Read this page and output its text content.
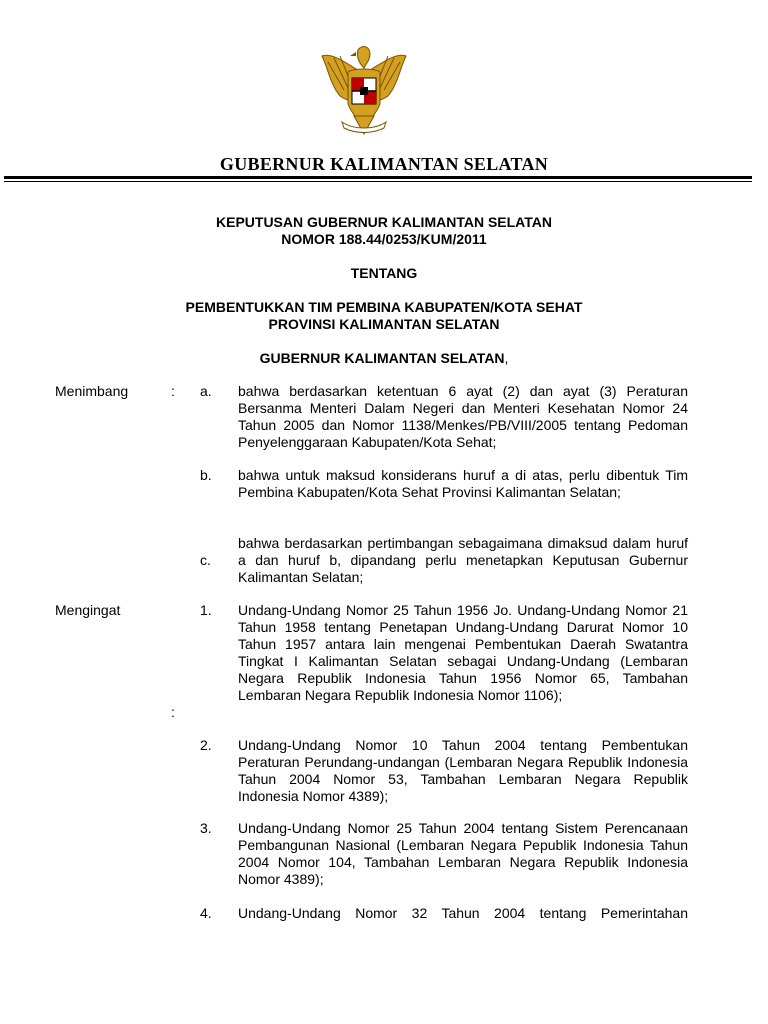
GUBERNUR KALIMANTAN SELATAN
KEPUTUSAN GUBERNUR KALIMANTAN SELATAN
NOMOR 188.44/0253/KUM/2011
TENTANG
PEMBENTUKKAN TIM PEMBINA KABUPATEN/KOTA SEHAT
PROVINSI KALIMANTAN SELATAN
GUBERNUR KALIMANTAN SELATAN,
Menimbang	: a. bahwa berdasarkan ketentuan 6 ayat (2) dan ayat (3) Peraturan Bersanma Menteri Dalam Negeri dan Menteri Kesehatan Nomor 24 Tahun 2005 dan Nomor 1138/Menkes/PB/VIII/2005 tentang Pedoman Penyelenggaraan Kabupaten/Kota Sehat;
b. bahwa untuk maksud konsiderans huruf a di atas, perlu dibentuk Tim Pembina Kabupaten/Kota Sehat Provinsi Kalimantan Selatan;
c.
bahwa berdasarkan pertimbangan sebagaimana dimaksud dalam huruf a dan huruf b, dipandang perlu menetapkan Keputusan Gubernur Kalimantan Selatan;
Mengingat
:
1. Undang-Undang Nomor 25 Tahun 1956 Jo. Undang-Undang Nomor 21 Tahun 1958 tentang Penetapan Undang-Undang Darurat Nomor 10 Tahun 1957 antara lain mengenai Pembentukan Daerah Swatantra Tingkat I Kalimantan Selatan sebagai Undang-Undang (Lembaran Negara Republik Indonesia Tahun 1956 Nomor 65, Tambahan Lembaran Negara Republik Indonesia Nomor 1106);
2. Undang-Undang Nomor 10 Tahun 2004 tentang Pembentukan Peraturan Perundang-undangan (Lembaran Negara Republik Indonesia Tahun 2004 Nomor 53, Tambahan Lembaran Negara Republik Indonesia Nomor 4389);
3. Undang-Undang Nomor 25 Tahun 2004 tentang Sistem Perencanaan Pembangunan Nasional (Lembaran Negara Pepublik Indonesia Tahun 2004 Nomor 104, Tambahan Lembaran Negara Republik Indonesia Nomor 4389);
4. Undang-Undang Nomor 32 Tahun 2004 tentang Pemerintahan
